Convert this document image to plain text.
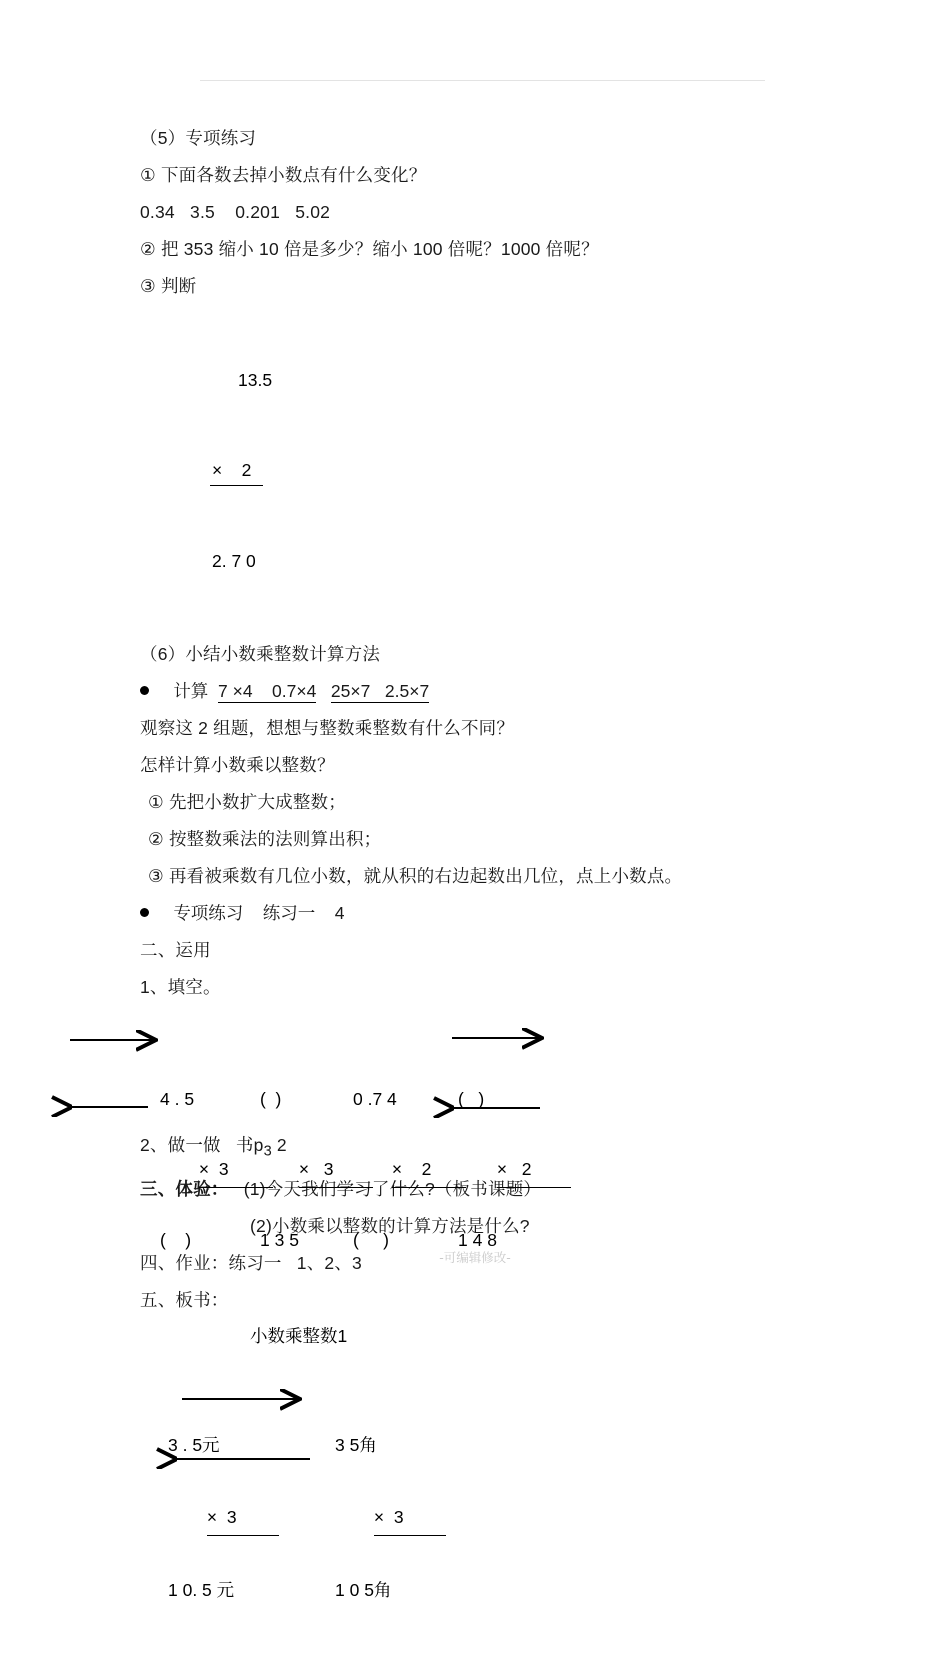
（5）专项练习
① 下面各数去掉小数点有什么变化？
0.34   3.5    0.201   5.02
② 把 353 缩小 10 倍是多少？缩小 100 倍呢？1000 倍呢？
③ 判断

13.5

×    2

2. 7 0

（6）小结小数乘整数计算方法
计算 7 ×4    0.7×4 25×7   2.5×7
观察这 2 组题，想想与整数乘整数有什么不同？
怎样计算小数乘以整数？
① 先把小数扩大成整数；
② 按整数乘法的法则算出积；
③ 再看被乘数有几位小数，就从积的右边起数出几位，点上小数点。
专项练习    练习一    4
二、运用
1、填空。

4 . 5

×  3

(    )

(  )

×   3

1 3 5

0 .7 4

×    2

(     )

(   )

×   2

1 4 8

2、做一做   书$p_3$ 2
三、体验： (1)今天我们学习了什么?（板书课题）
(2)小数乘以整数的计算方法是什么?
四、作业：练习一   1、2、3
五、板书：
小数乘整数1

3 . 5元

×  3

1 0. 5 元

3 5角

×  3

1 0 5角

-可编辑修改-
